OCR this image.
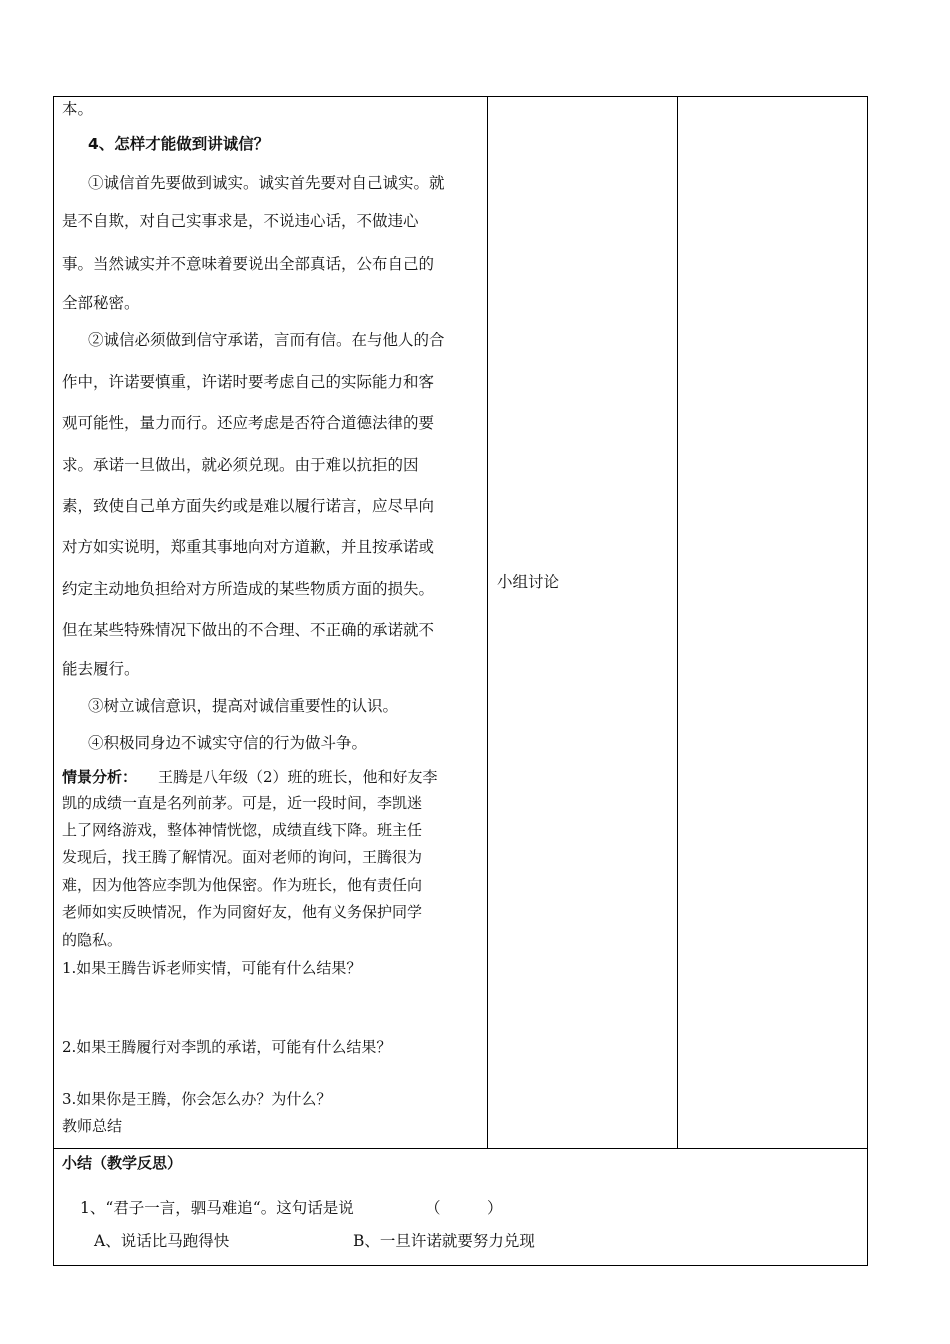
本。
4、怎样才能做到讲诚信？
①诚信首先要做到诚实。诚实首先要对自己诚实。就
是不自欺，对自己实事求是，不说违心话，不做违心
事。当然诚实并不意味着要说出全部真话，公布自己的
全部秘密。
②诚信必须做到信守承诺，言而有信。在与他人的合
作中，许诺要慎重，许诺时要考虑自己的实际能力和客
观可能性，量力而行。还应考虑是否符合道德法律的要
求。承诺一旦做出，就必须兑现。由于难以抗拒的因
素，致使自己单方面失约或是难以履行诺言，应尽早向
对方如实说明，郑重其事地向对方道歉，并且按承诺或
约定主动地负担给对方所造成的某些物质方面的损失。
但在某些特殊情况下做出的不合理、不正确的承诺就不
能去履行。
③树立诚信意识，提高对诚信重要性的认识。
④积极同身边不诚实守信的行为做斗争。
情景分析： 王腾是八年级（2）班的班长，他和好友李
凯的成绩一直是名列前茅。可是，近一段时间，李凯迷
上了网络游戏，整体神情恍惚，成绩直线下降。班主任
发现后，找王腾了解情况。面对老师的询问，王腾很为
难，因为他答应李凯为他保密。作为班长，他有责任向
老师如实反映情况，作为同窗好友，他有义务保护同学
的隐私。
1.如果王腾告诉老师实情，可能有什么结果？
2.如果王腾履行对李凯的承诺，可能有什么结果？
3.如果你是王腾，你会怎么办？为什么？
教师总结
小组讨论
小结（教学反思）
1、“君子一言，驷马难追“。这句话是说	（　　　）
A、说话比马跑得快	B、一旦许诺就要努力兑现
